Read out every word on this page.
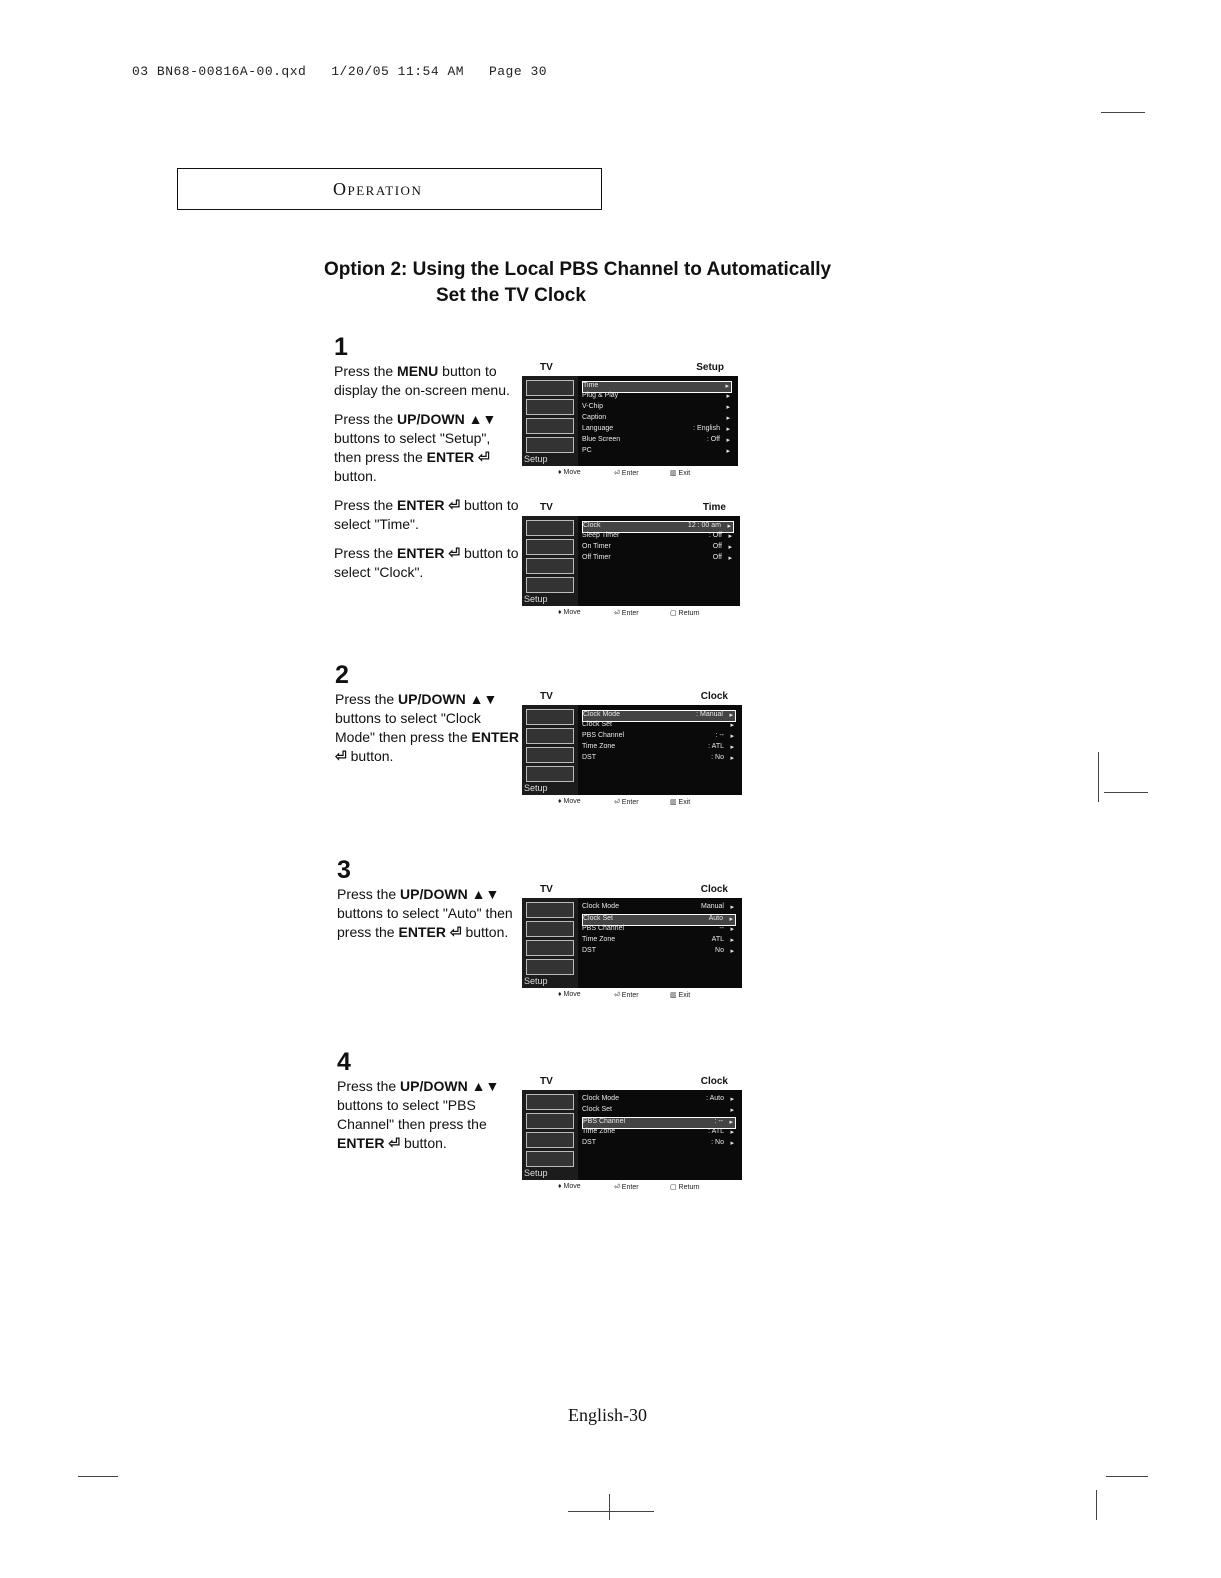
03 BN68-00816A-00.qxd   1/20/05 11:54 AM   Page 30
Operation
Option 2: Using the Local PBS Channel to Automatically
Set the TV Clock
1

Press the MENU button to display the on-screen menu.

Press the UP/DOWN ▲▼ buttons to select "Setup", then press the ENTER ⏎ button.

Press the ENTER ⏎ button to select "Time".

Press the ENTER ⏎ button to select "Clock".

2

Press the UP/DOWN ▲▼ buttons to select "Clock Mode" then press the ENTER ⏎ button.

3

Press the UP/DOWN ▲▼ buttons to select "Auto" then press the ENTER ⏎ button.

4

Press the UP/DOWN ▲▼ buttons to select "PBS Channel" then press the ENTER ⏎ button.

TV	Setup
Setup
Time	▸
Plug & Play	▸
V-Chip	▸
Caption	▸
Language	: English ▸
Blue Screen	: Off ▸
PC	▸
♦ Move	⏎ Enter	▥ Exit
TV	Time
Setup
Clock	12 : 00 am ▸
Sleep Timer	: Off ▸
On Timer	Off ▸
Off Timer	Off ▸
♦ Move	⏎ Enter	▢ Return
TV	Clock
Setup
Clock Mode	: Manual ▸
Clock Set	▸
PBS Channel	: -- ▸
Time Zone	: ATL ▸
DST	: No ▸
♦ Move	⏎ Enter	▥ Exit
TV	Clock
Setup
Clock Mode	Manual ▸
Clock Set	Auto ▸
PBS Channel	-- ▸
Time Zone	ATL ▸
DST	No ▸
♦ Move	⏎ Enter	▥ Exit
TV	Clock
Setup
Clock Mode	: Auto ▸
Clock Set	▸
PBS Channel	: -- ▸
Time Zone	: ATL ▸
DST	: No ▸
♦ Move	⏎ Enter	▢ Return
English-30
